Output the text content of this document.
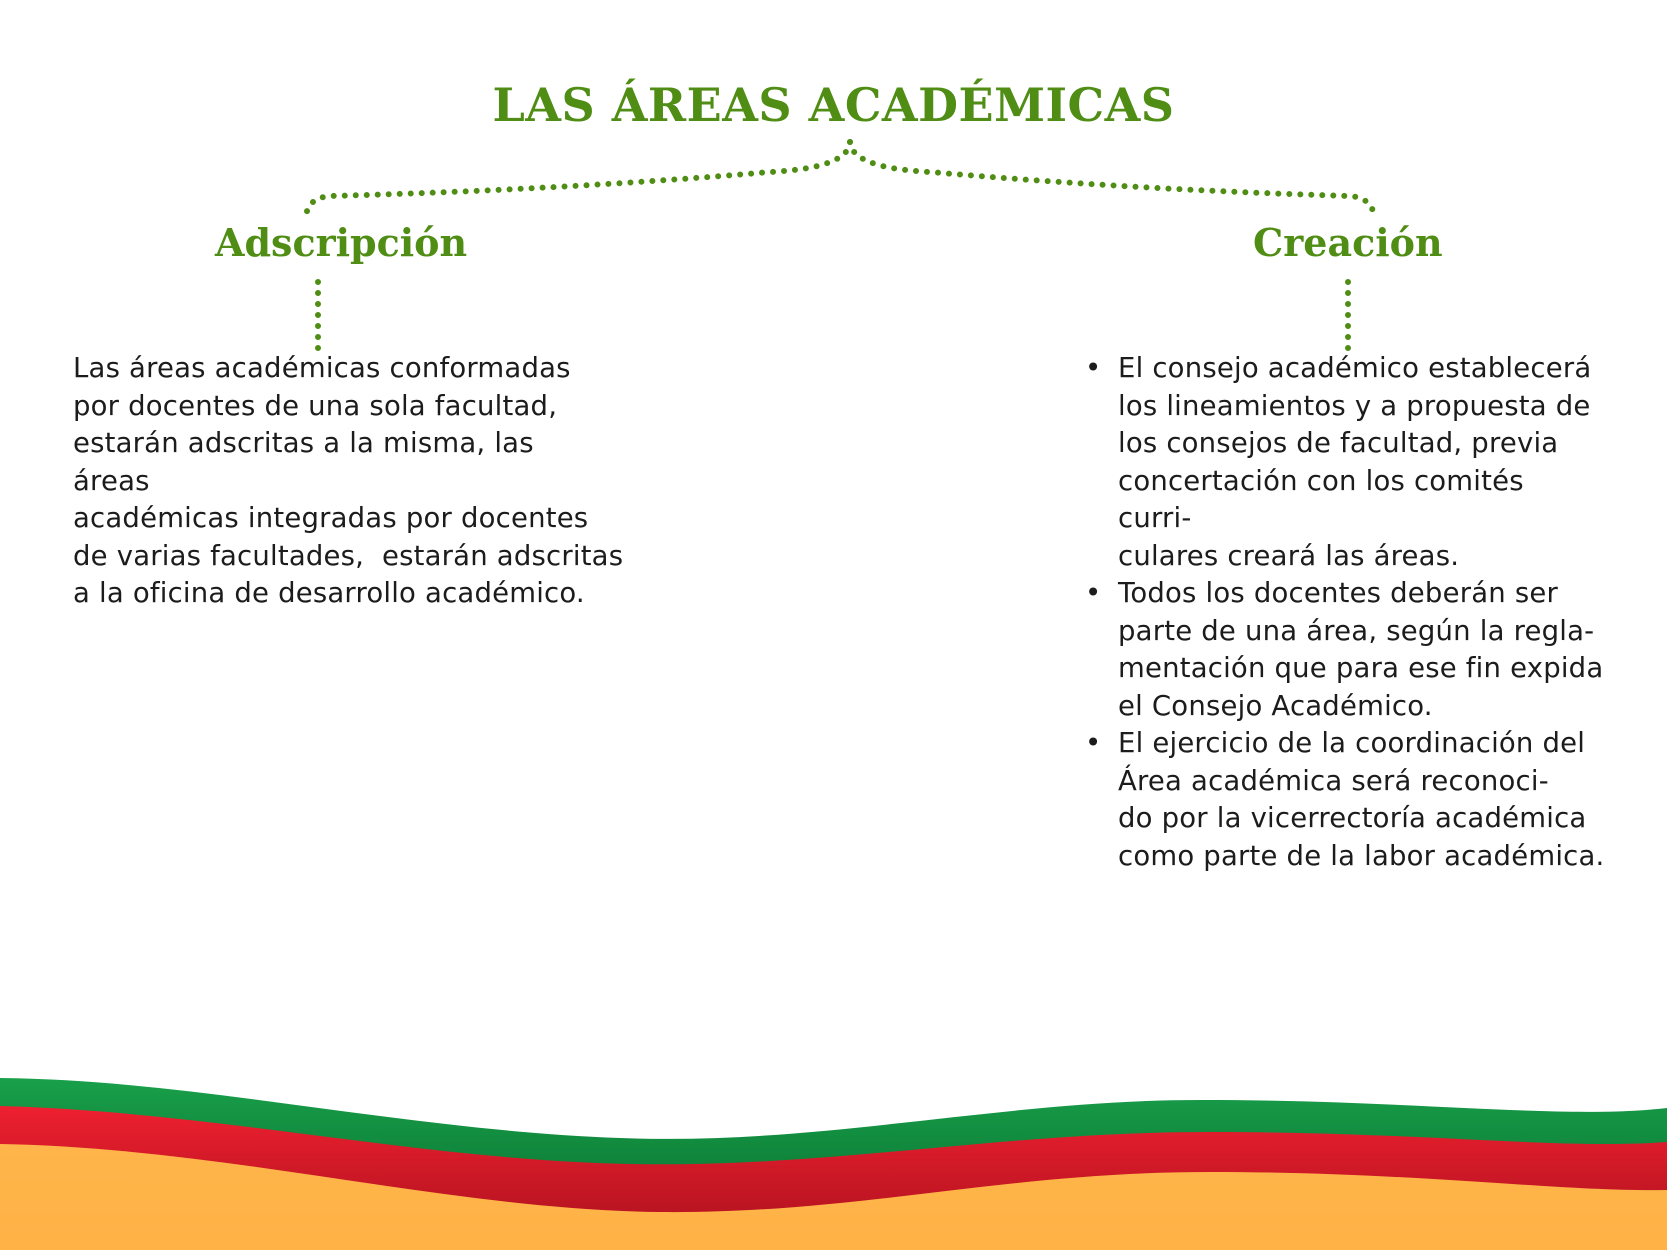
LAS ÁREAS ACADÉMICAS
Adscripción	Creación

Las áreas académicas conformadas
por docentes de una sola facultad,
estarán adscritas a la misma, las áreas
académicas integradas por docentes
de varias facultades,  estarán adscritas
a la oficina de desarrollo académico.

• El consejo académico establecerá
los lineamientos y a propuesta de
los consejos de facultad, previa
concertación con los comités curri-
culares creará las áreas.
• Todos los docentes deberán ser
parte de una área, según la regla-
mentación que para ese fin expida
el Consejo Académico.
• El ejercicio de la coordinación del
Área académica será reconoci-
do por la vicerrectoría académica
como parte de la labor académica.
